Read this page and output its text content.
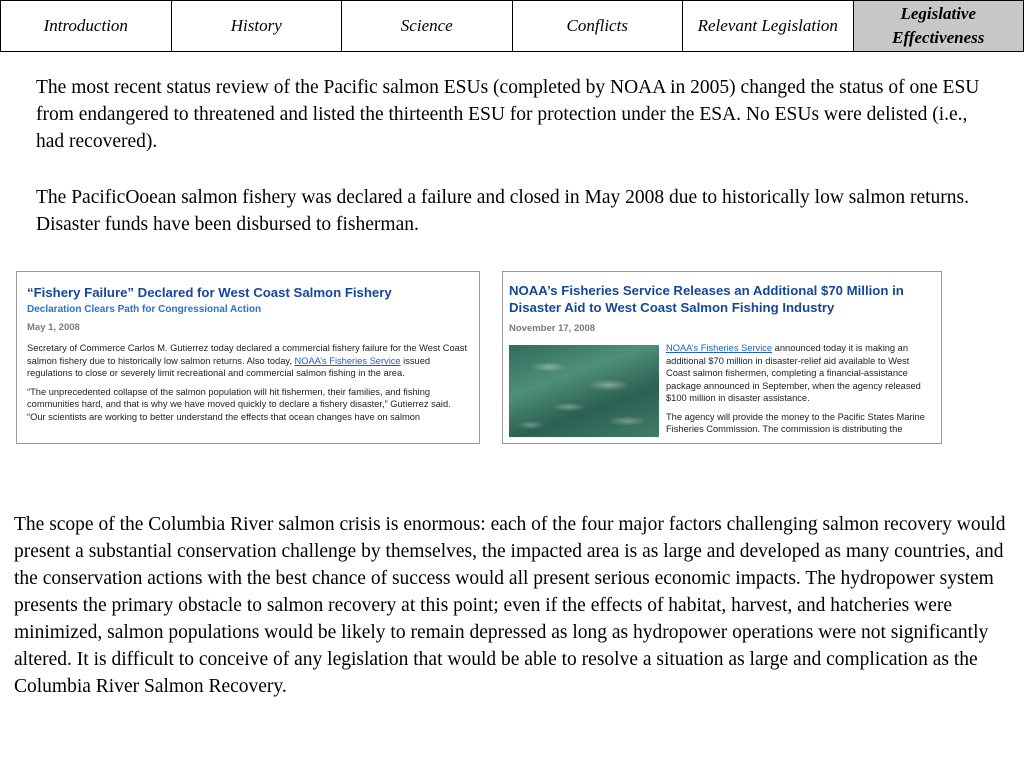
Introduction	History	Science	Conflicts	Relevant Legislation
Legislative Effectiveness

The most recent status review of the Pacific salmon ESUs (completed by NOAA in 2005) changed the status of one ESU from endangered to threatened and listed the thirteenth ESU for protection under the ESA. No ESUs were delisted (i.e., had recovered).

The PacificOoean salmon fishery was declared a failure and closed in May 2008 due to historically low salmon returns. Disaster funds have been disbursed to fisherman.

“Fishery Failure” Declared for West Coast Salmon Fishery
Declaration Clears Path for Congressional Action
May 1, 2008
Secretary of Commerce Carlos M. Gutierrez today declared a commercial fishery failure for the West Coast salmon fishery due to historically low salmon returns. Also today, NOAA’s Fisheries Service issued regulations to close or severely limit recreational and commercial salmon fishing in the area.
“The unprecedented collapse of the salmon population will hit fishermen, their families, and fishing communities hard, and that is why we have moved quickly to declare a fishery disaster,” Gutierrez said. “Our scientists are working to better understand the effects that ocean changes have on salmon
NOAA’s Fisheries Service Releases an Additional $70 Million in Disaster Aid to West Coast Salmon Fishing Industry
November 17, 2008
NOAA’s Fisheries Service announced today it is making an additional $70 million in disaster-relief aid available to West Coast salmon fishermen, completing a financial-assistance package announced in September, when the agency released $100 million in disaster assistance.
The agency will provide the money to the Pacific States Marine Fisheries Commission. The commission is distributing the

The scope of the Columbia River salmon crisis is enormous: each of the four major factors challenging salmon recovery would present a substantial conservation challenge by themselves, the impacted area is as large and developed as many countries, and the conservation actions with the best chance of success would all present serious economic impacts. The hydropower system presents the primary obstacle to salmon recovery at this point; even if the effects of habitat, harvest, and hatcheries were minimized, salmon populations would be likely to remain depressed as long as hydropower operations were not significantly altered. It is difficult to conceive of any legislation that would be able to resolve a situation as large and complication as the Columbia River Salmon Recovery.
